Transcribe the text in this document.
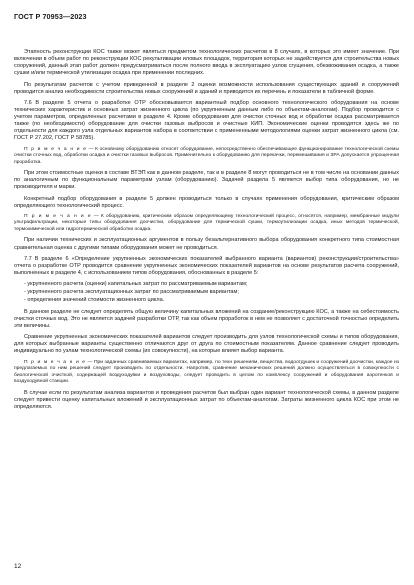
ГОСТ Р 70953—2023

Этапность реконструкции КОС также может являться предметом технологических расчетов в 8 случаях, в которых это имеет значение. При включении в объем работ по реконструкции КОС рекультивации иловых площадок, территория которых не задействуется для строительства новых сооружений, данный этап работ должен предусматриваться после полного ввода в эксплуатацию узлов сгущения, обезвоживания осадка, а также сушки и/или термической утилизации осадка при применении последних.

По результатам расчетов с учетом приведенной в разделе 2 оценки возможности использования существующих зданий и сооружений проводится анализ необходимости строительства новых сооружений и зданий и приводится их перечень и показатели в табличной форме.

7.6 В разделе 5 отчета о разработке ОТР обосновывается вариантный подбор основного технологического оборудования на основе технических характеристик и основных затрат жизненного цикла (по укрупненным данным либо по объектам-аналогам). Подбор проводится с учетом параметров, определенных расчетами в разделе 4. Кроме оборудования для очистки сточных вод и обработки осадка рассматривается также (по необходимости) оборудование для очистки газовых выбросов и очистные КИП. Экономические оценки проводятся здесь же по отдельности для каждого узла отдельных вариантов набора в соответствии с примененными методологиями оценки затрат жизненного цикла (см. ГОСТ Р 27.202, ГОСТ Р 58785).

П р и м е ч а н и е — К основному оборудованию относят оборудование, непосредственно обеспечивающее функционирование технологической схемы очистки сточных вод, обработки осадка и очистки газовых выбросов. Применительно к оборудованию для перекачки, перемешивания и ЗРА допускается упрощенная проработка.

При этом стоимостные оценки в составе ВТЭП как в данном разделе, так и в разделе 8 могут проводиться не в том числе на основании данных по аналогичным по функциональным параметрам узлам (оборудованию). Задачей раздела 5 является выбор типа оборудования, но не производителя и марки.

Конкретный подбор оборудования в разделе 5 должен проводиться только в случаях применения оборудования, критическим образом определяющего технологический процесс.

П р и м е ч а н и е — К оборудованию, критическим образом определяющему технологический процесс, относятся, например, мембранные модули ультрафильтрации, некоторые типы оборудования доочистки, оборудование для термической сушки, термоутилизации осадка, иных методов термической, термохимической или гидротермической обработки осадка.

При наличии технических и эксплуатационных аргументов в пользу безальтернативного выбора оборудования конкретного типа стоимостная сравнительная оценка с другими типами оборудования может не проводиться.

7.7 В разделе 6 «Определение укрупненных экономических показателей выбранного варианта (вариантов) реконструкции/строительства» отчета о разработке ОТР проводится сравнение укрупненных экономических показателей вариантов на основе результатов расчета сооружений, выполненных в разделе 4, с использованием типов оборудования, обоснованных в разделе 5:

- укрупненного расчета (оценки) капитальных затрат по рассматриваемым вариантам;

- укрупненного расчета эксплуатационных затрат по рассматриваемым вариантам;

- определения значений стоимости жизненного цикла.

В данном разделе не следует определять общую величину капитальных вложений на создание/реконструкцию КОС, а также на себестоимость очистки сточных вод. Это не является задачей разработки ОТР, так как объем проработок в нем не позволяет с достаточной точностью определить эти величины.

Сравнение укрупненных экономических показателей вариантов следует производить для узлов технологической схемы и типов оборудования, для которых выбранные варианты существенно отличаются друг от друга по стоимостным показателям. Данное сравнение следует проводить индивидуально по узлам технологической схемы (их совокупности), на которые влияет выбор варианта.

П р и м е ч а н и е — При заданных сравниваемых вариантах, например, по техн решениям, вещества, водоотдушек и сооружений доочистки, каждое из предлагаемых по ним решений следует производить по отдельности. Напротив, сравнение механических решений должно осуществляться в совокупности с биологической очисткой, содержащей воздуходувки и воздуховоды, следует проводить в целом по комплексу сооружений и оборудования аэротенков и воздуходувной станции.

В случае если по результатам анализа вариантов и проведения расчетов был выбран один вариант технологической схемы, в данном разделе следует привести оценку капитальных вложений и эксплуатационных затрат по объектам-аналогам. Затраты жизненного цикла КОС при этом не определяются.

12
